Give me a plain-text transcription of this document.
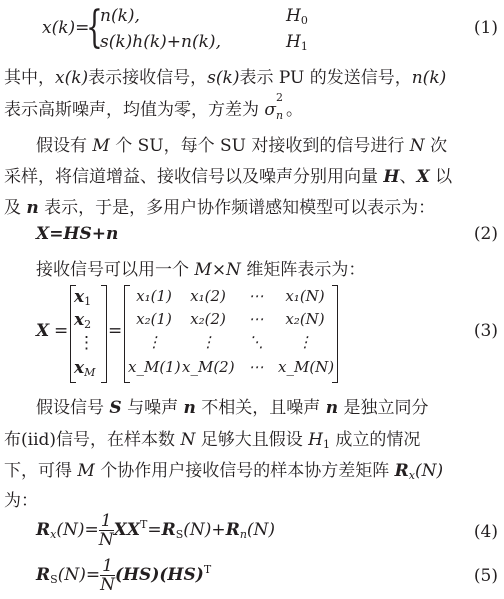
x(k)=
{
n(k),	$H_0$
s(k)h(k)+n(k),	$H_1$
(1)
其中，x(k)表示接收信号，s(k)表示 PU 的发送信号，n(k)
表示高斯噪声，均值为零，方差为 σ
2
n 。
假设有 M 个 SU，每个 SU 对接收到的信号进行 N 次
采样，将信道增益、接收信号以及噪声分别用向量 H、X 以
及 n 表示，于是，多用户协作频谱感知模型可以表示为：
X=HS+n	(2)
接收信号可以用一个 M×N 维矩阵表示为：
X =
$x_1$
$x_2$
⋮
$x_M$
=
x₁(1)	x₁(2)	⋯	x₁(N)
x₂(1)	x₂(2)	⋯	x₂(N)
⋮	⋮	⋱	⋮
x_M(1) x_M(2) ⋯ x_M(N)
(3)
假设信号 S 与噪声 n 不相关，且噪声 n 是独立同分
布(iid)信号，在样本数 N 足够大且假设 $H_1$ 成立的情况
下，可得 M 个协作用户接收信号的样本协方差矩阵 $R_x(N)$
为：
$R_x(N)= \frac{1}{N} XX^T=R_S(N)+R_n(N)$	(4)
$R_S(N)= \frac{1}{N} (HS)(HS)^T$	(5)
